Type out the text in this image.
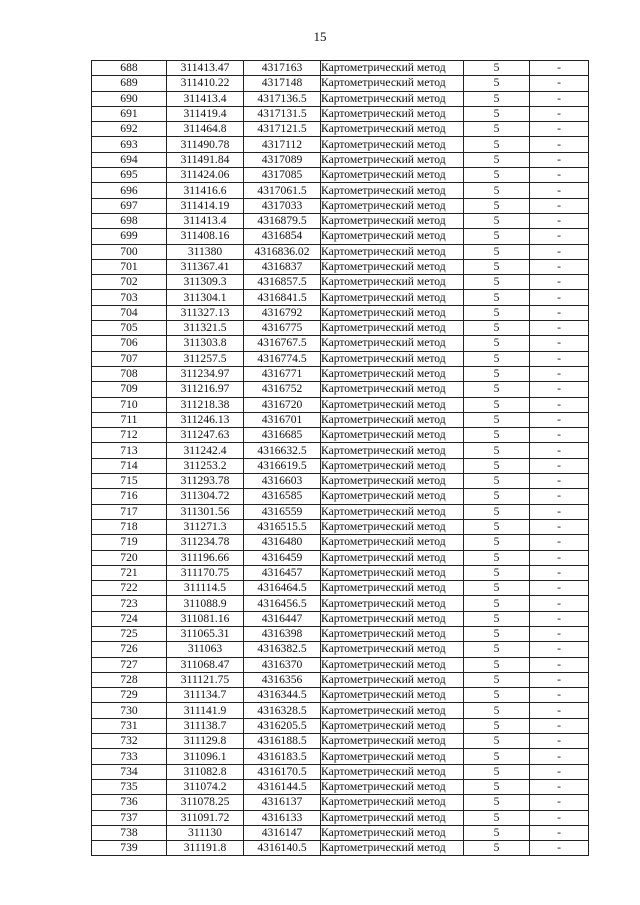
15
688	311413.47	4317163	Картометрический метод	5	-
689	311410.22	4317148	Картометрический метод	5	-
690	311413.4	4317136.5	Картометрический метод	5	-
691	311419.4	4317131.5	Картометрический метод	5	-
692	311464.8	4317121.5	Картометрический метод	5	-
693	311490.78	4317112	Картометрический метод	5	-
694	311491.84	4317089	Картометрический метод	5	-
695	311424.06	4317085	Картометрический метод	5	-
696	311416.6	4317061.5	Картометрический метод	5	-
697	311414.19	4317033	Картометрический метод	5	-
698	311413.4	4316879.5	Картометрический метод	5	-
699	311408.16	4316854	Картометрический метод	5	-
700	311380	4316836.02	Картометрический метод	5	-
701	311367.41	4316837	Картометрический метод	5	-
702	311309.3	4316857.5	Картометрический метод	5	-
703	311304.1	4316841.5	Картометрический метод	5	-
704	311327.13	4316792	Картометрический метод	5	-
705	311321.5	4316775	Картометрический метод	5	-
706	311303.8	4316767.5	Картометрический метод	5	-
707	311257.5	4316774.5	Картометрический метод	5	-
708	311234.97	4316771	Картометрический метод	5	-
709	311216.97	4316752	Картометрический метод	5	-
710	311218.38	4316720	Картометрический метод	5	-
711	311246.13	4316701	Картометрический метод	5	-
712	311247.63	4316685	Картометрический метод	5	-
713	311242.4	4316632.5	Картометрический метод	5	-
714	311253.2	4316619.5	Картометрический метод	5	-
715	311293.78	4316603	Картометрический метод	5	-
716	311304.72	4316585	Картометрический метод	5	-
717	311301.56	4316559	Картометрический метод	5	-
718	311271.3	4316515.5	Картометрический метод	5	-
719	311234.78	4316480	Картометрический метод	5	-
720	311196.66	4316459	Картометрический метод	5	-
721	311170.75	4316457	Картометрический метод	5	-
722	311114.5	4316464.5	Картометрический метод	5	-
723	311088.9	4316456.5	Картометрический метод	5	-
724	311081.16	4316447	Картометрический метод	5	-
725	311065.31	4316398	Картометрический метод	5	-
726	311063	4316382.5	Картометрический метод	5	-
727	311068.47	4316370	Картометрический метод	5	-
728	311121.75	4316356	Картометрический метод	5	-
729	311134.7	4316344.5	Картометрический метод	5	-
730	311141.9	4316328.5	Картометрический метод	5	-
731	311138.7	4316205.5	Картометрический метод	5	-
732	311129.8	4316188.5	Картометрический метод	5	-
733	311096.1	4316183.5	Картометрический метод	5	-
734	311082.8	4316170.5	Картометрический метод	5	-
735	311074.2	4316144.5	Картометрический метод	5	-
736	311078.25	4316137	Картометрический метод	5	-
737	311091.72	4316133	Картометрический метод	5	-
738	311130	4316147	Картометрический метод	5	-
739	311191.8	4316140.5	Картометрический метод	5	-
